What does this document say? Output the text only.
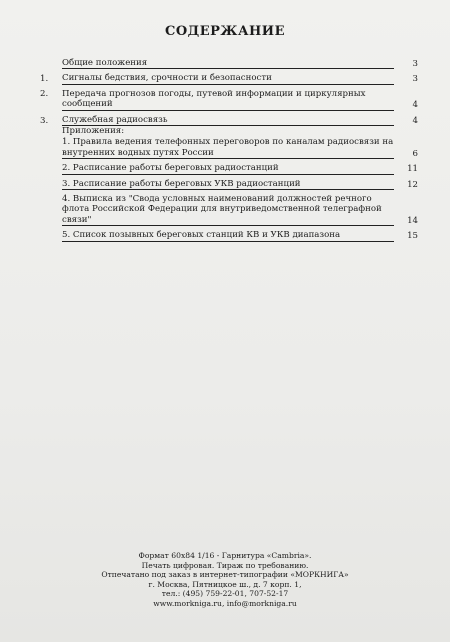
СОДЕРЖАНИЕ
Общие положения	3
1.	Сигналы бедствия, срочности и безопасности	3
2.	Передача прогнозов погоды, путевой информации и циркулярных
сообщений	4
3.	Служебная радиосвязь	4
Приложения:
1. Правила ведения телефонных переговоров по каналам радиосвязи на
внутренних водных путях России	6
2. Расписание работы береговых радиостанций	11
3. Расписание работы береговых УКВ радиостанций	12
4. Выписка из "Свода условных наименований должностей речного
флота Российской Федерации для внутриведомственной телеграфной
связи"	14
5. Список позывных береговых станций КВ и УКВ диапазона	15
Формат 60x84 1/16 - Гарнитура «Cambria».
Печать цифровая. Тираж по требованию.
Отпечатано под заказ в интернет-типографии «МОРКНИГА»
г. Москва, Пятницкое ш., д. 7 корп. 1,
тел.: (495) 759-22-01, 707-52-17
www.morkniga.ru, info@morkniga.ru
